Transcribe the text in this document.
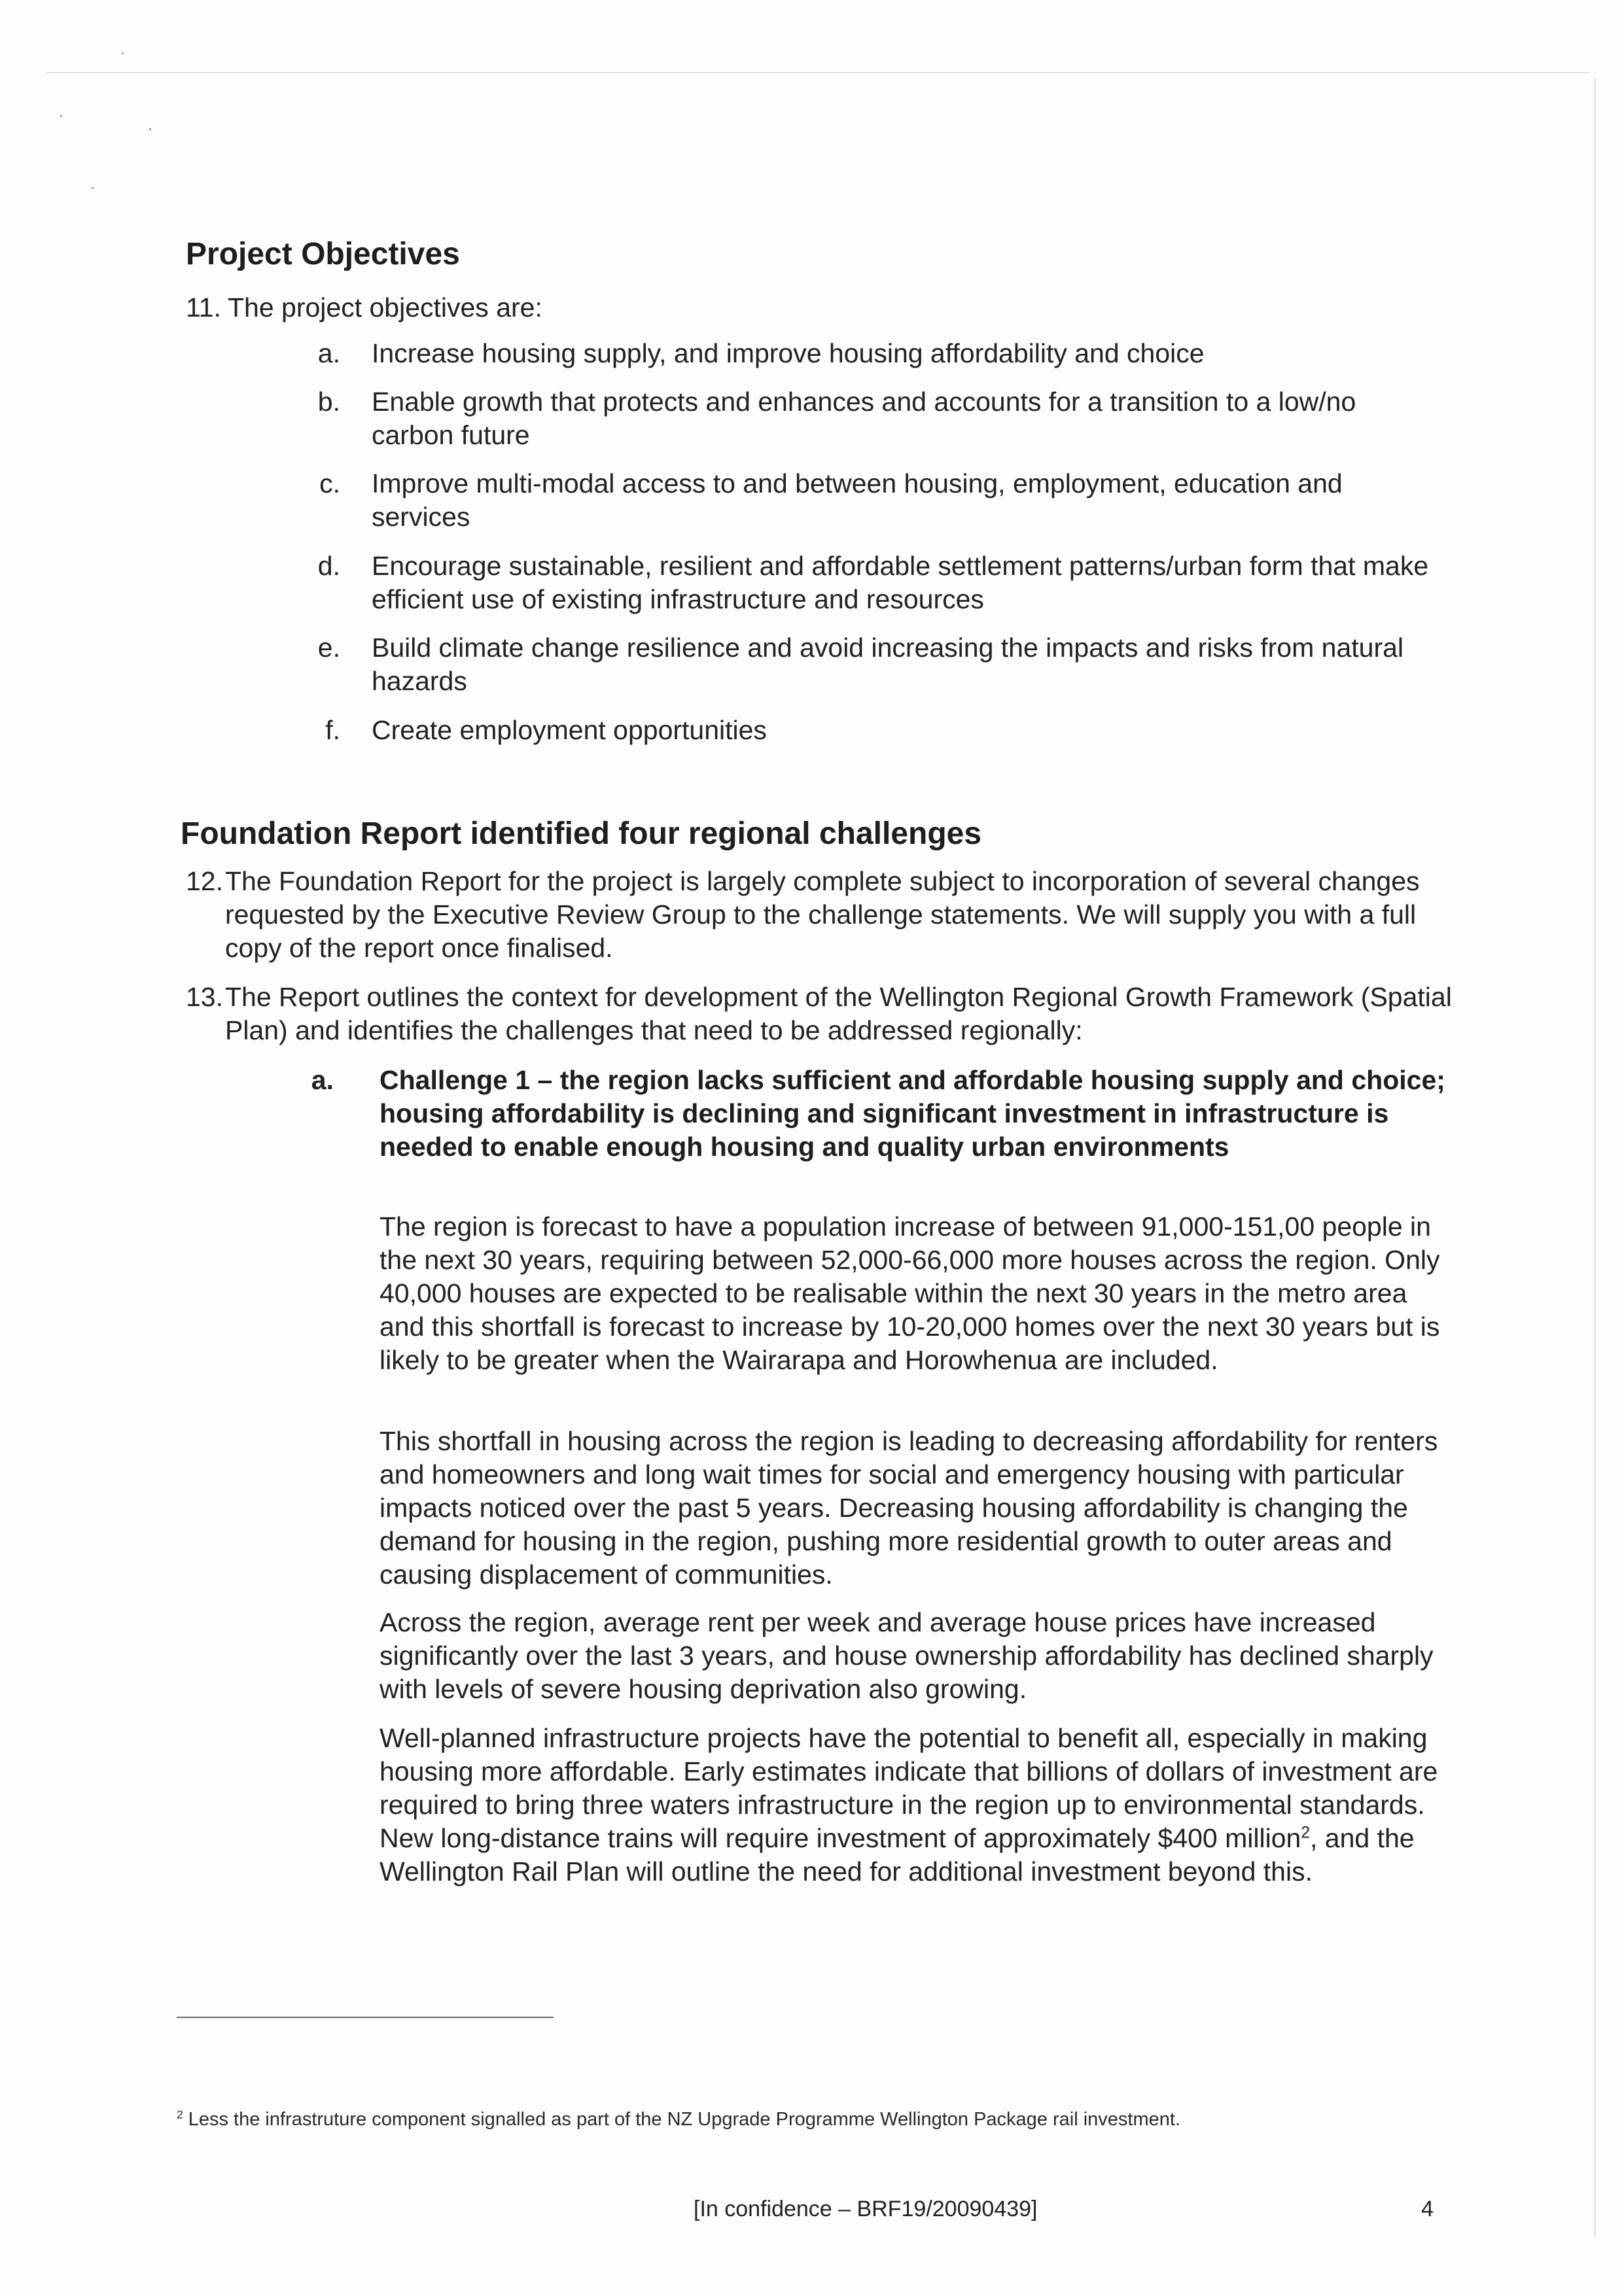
Project Objectives
11. The project objectives are:
a. Increase housing supply, and improve housing affordability and choice
b. Enable growth that protects and enhances and accounts for a transition to a low/no carbon future
c. Improve multi-modal access to and between housing, employment, education and services
d. Encourage sustainable, resilient and affordable settlement patterns/urban form that make efficient use of existing infrastructure and resources
e. Build climate change resilience and avoid increasing the impacts and risks from natural hazards
f. Create employment opportunities
Foundation Report identified four regional challenges
12. The Foundation Report for the project is largely complete subject to incorporation of several changes requested by the Executive Review Group to the challenge statements. We will supply you with a full copy of the report once finalised.

13. The Report outlines the context for development of the Wellington Regional Growth Framework (Spatial Plan) and identifies the challenges that need to be addressed regionally:

a. Challenge 1 – the region lacks sufficient and affordable housing supply and choice; housing affordability is declining and significant investment in infrastructure is needed to enable enough housing and quality urban environments

The region is forecast to have a population increase of between 91,000-151,00 people in the next 30 years, requiring between 52,000-66,000 more houses across the region. Only 40,000 houses are expected to be realisable within the next 30 years in the metro area and this shortfall is forecast to increase by 10-20,000 homes over the next 30 years but is likely to be greater when the Wairarapa and Horowhenua are included.

This shortfall in housing across the region is leading to decreasing affordability for renters and homeowners and long wait times for social and emergency housing with particular impacts noticed over the past 5 years. Decreasing housing affordability is changing the demand for housing in the region, pushing more residential growth to outer areas and causing displacement of communities.

Across the region, average rent per week and average house prices have increased significantly over the last 3 years, and house ownership affordability has declined sharply with levels of severe housing deprivation also growing.

Well-planned infrastructure projects have the potential to benefit all, especially in making housing more affordable. Early estimates indicate that billions of dollars of investment are required to bring three waters infrastructure in the region up to environmental standards. New long-distance trains will require investment of approximately $400 million$^2$, and the Wellington Rail Plan will outline the need for additional investment beyond this.

$^2$ Less the infrastruture component signalled as part of the NZ Upgrade Programme Wellington Package rail investment.
[In confidence – BRF19/20090439]	4
